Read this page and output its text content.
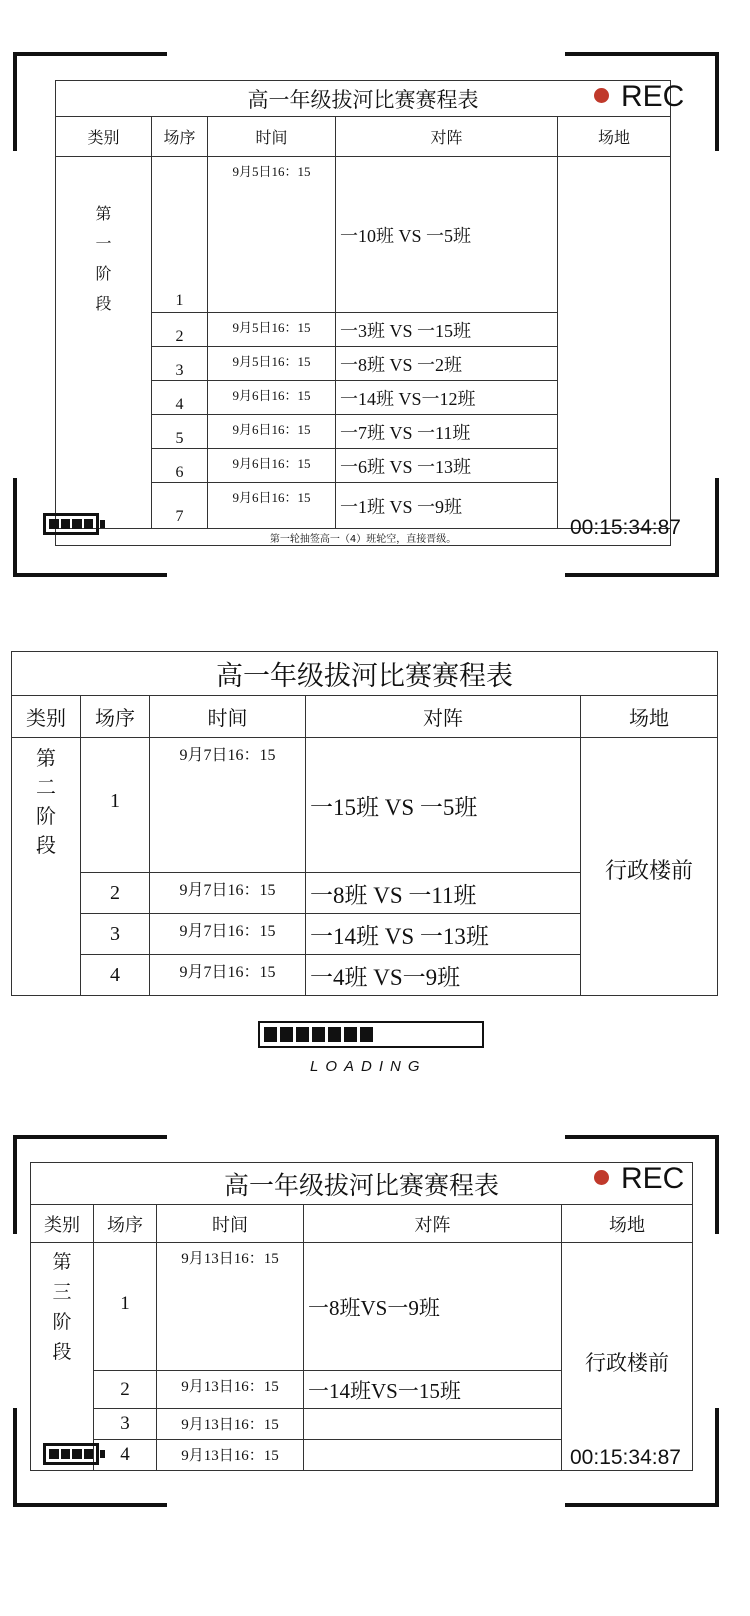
高一年级拔河比赛赛程表				
类别	场序	时间	对阵	场地

第
一
阶
段	1	9月5日16：15	一10班 VS 一5班	
	2	9月5日16：15	一3班 VS 一15班	
	3	9月5日16：15	一8班 VS 一2班	
	4	9月6日16：15	一14班 VS一12班	
	5	9月6日16：15	一7班 VS 一11班	
	6	9月6日16：15	一6班 VS 一13班	
	7	9月6日16：15	一1班 VS 一9班	
第一轮抽签高一（4）班轮空，直接晋级。				
REC
00:15:34:87
高一年级拔河比赛赛程表				
类别	场序	时间	对阵	场地

第
二
阶
段	1	9月7日16：15	一15班 VS 一5班	行政楼前
	2	9月7日16：15	一8班 VS 一11班	
	3	9月7日16：15	一14班 VS 一13班	
	4	9月7日16：15	一4班 VS一9班	
LOADING
高一年级拔河比赛赛程表				
类别	场序	时间	对阵	场地

第
三
阶
段	1	9月13日16：15	一8班VS一9班	行政楼前
	2	9月13日16：15	一14班VS一15班	
	3	9月13日16：15		
	4	9月13日16：15		
REC
00:15:34:87
